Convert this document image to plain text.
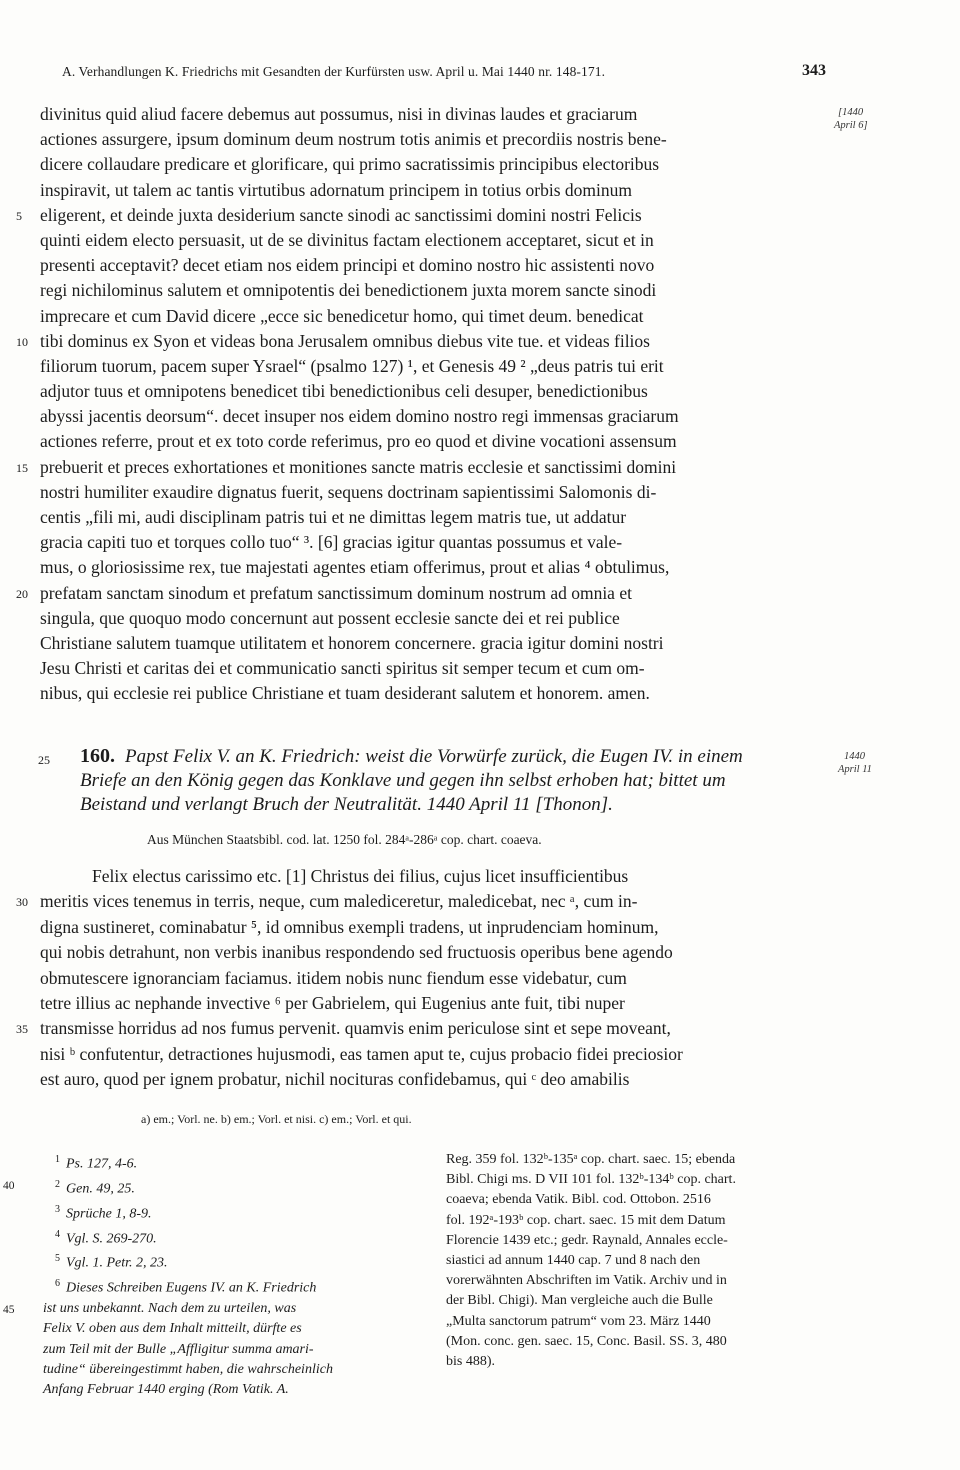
A. Verhandlungen K. Friedrichs mit Gesandten der Kurfürsten usw. April u. Mai 1440 nr. 148-171.	343
[1440
April 6]
divinitus quid aliud facere debemus aut possumus, nisi in divinas laudes et graciarum
actiones assurgere, ipsum dominum deum nostrum totis animis et precordiis nostris bene-
dicere collaudare predicare et glorificare, qui primo sacratissimis principibus electoribus
inspiravit, ut talem ac tantis virtutibus adornatum principem in totius orbis dominum
5 eligerent, et deinde juxta desiderium sancte sinodi ac sanctissimi domini nostri Felicis
quinti eidem electo persuasit, ut de se divinitus factam electionem acceptaret, sicut et in
presenti acceptavit? decet etiam nos eidem principi et domino nostro hic assistenti novo
regi nichilominus salutem et omnipotentis dei benedictionem juxta morem sancte sinodi
imprecare et cum David dicere „ecce sic benedicetur homo, qui timet deum. benedicat
10 tibi dominus ex Syon et videas bona Jerusalem omnibus diebus vite tue. et videas filios
filiorum tuorum, pacem super Ysrael“ (psalmo 127) ¹, et Genesis 49 ² „deus patris tui erit
adjutor tuus et omnipotens benedicet tibi benedictionibus celi desuper, benedictionibus
abyssi jacentis deorsum“. decet insuper nos eidem domino nostro regi immensas graciarum
actiones referre, prout et ex toto corde referimus, pro eo quod et divine vocationi assensum
15 prebuerit et preces exhortationes et monitiones sancte matris ecclesie et sanctissimi domini
nostri humiliter exaudire dignatus fuerit, sequens doctrinam sapientissimi Salomonis di-
centis „fili mi, audi disciplinam patris tui et ne dimittas legem matris tue, ut addatur
gracia capiti tuo et torques collo tuo“ ³. [6] gracias igitur quantas possumus et vale-
mus, o gloriosissime rex, tue majestati agentes etiam offerimus, prout et alias ⁴ obtulimus,
20 prefatam sanctam sinodum et prefatum sanctissimum dominum nostrum ad omnia et
singula, que quoquo modo concernunt aut possent ecclesie sancte dei et rei publice
Christiane salutem tuamque utilitatem et honorem concernere. gracia igitur domini nostri
Jesu Christi et caritas dei et communicatio sancti spiritus sit semper tecum et cum om-
nibus, qui ecclesie rei publice Christiane et tuam desiderant salutem et honorem. amen.
25 160. Papst Felix V. an K. Friedrich: weist die Vorwürfe zurück, die Eugen IV. in einem
Briefe an den König gegen das Konklave und gegen ihn selbst erhoben hat; bittet um
Beistand und verlangt Bruch der Neutralität. 1440 April 11 [Thonon].
1440
April 11
Aus München Staatsbibl. cod. lat. 1250 fol. 284ᵃ-286ᵃ cop. chart. coaeva.
Felix electus carissimo etc. [1] Christus dei filius, cujus licet insufficientibus
30 meritis vices tenemus in terris, neque, cum malediceretur, maledicebat, nec ᵃ, cum in-
digna sustineret, cominabatur ⁵, id omnibus exempli tradens, ut inprudenciam hominum,
qui nobis detrahunt, non verbis inanibus respondendo sed fructuosis operibus bene agendo
obmutescere ignoranciam faciamus. itidem nobis nunc fiendum esse videbatur, cum
tetre illius ac nephande invective ⁶ per Gabrielem, qui Eugenius ante fuit, tibi nuper
35 transmisse horridus ad nos fumus pervenit. quamvis enim periculose sint et sepe moveant,
nisi ᵇ confutentur, detractiones hujusmodi, eas tamen aput te, cujus probacio fidei preciosior
est auro, quod per ignem probatur, nichil nocituras confidebamus, qui ᶜ deo amabilis
a) em.; Vorl. ne. b) em.; Vorl. et nisi. c) em.; Vorl. et qui.
$^1$ Ps. 127, 4-6.
40	$^2$ Gen. 49, 25.
$^3$ Sprüche 1, 8-9.
$^4$ Vgl. S. 269-270.
$^5$ Vgl. 1. Petr. 2, 23.
$^6$ Dieses Schreiben Eugens IV. an K. Friedrich
45 ist uns unbekannt. Nach dem zu urteilen, was
Felix V. oben aus dem Inhalt mitteilt, dürfte es
zum Teil mit der Bulle „Affligitur summa amari-
tudine“ übereingestimmt haben, die wahrscheinlich
Anfang Februar 1440 erging (Rom Vatik. A.
Reg. 359 fol. 132ᵇ-135ᵃ cop. chart. saec. 15; ebenda
Bibl. Chigi ms. D VII 101 fol. 132ᵇ-134ᵇ cop. chart.
coaeva; ebenda Vatik. Bibl. cod. Ottobon. 2516
fol. 192ᵃ-193ᵇ cop. chart. saec. 15 mit dem Datum
Florencie 1439 etc.; gedr. Raynald, Annales eccle-
siastici ad annum 1440 cap. 7 und 8 nach den
vorerwähnten Abschriften im Vatik. Archiv und in
der Bibl. Chigi). Man vergleiche auch die Bulle
„Multa sanctorum patrum“ vom 23. März 1440
(Mon. conc. gen. saec. 15, Conc. Basil. SS. 3, 480
bis 488).
